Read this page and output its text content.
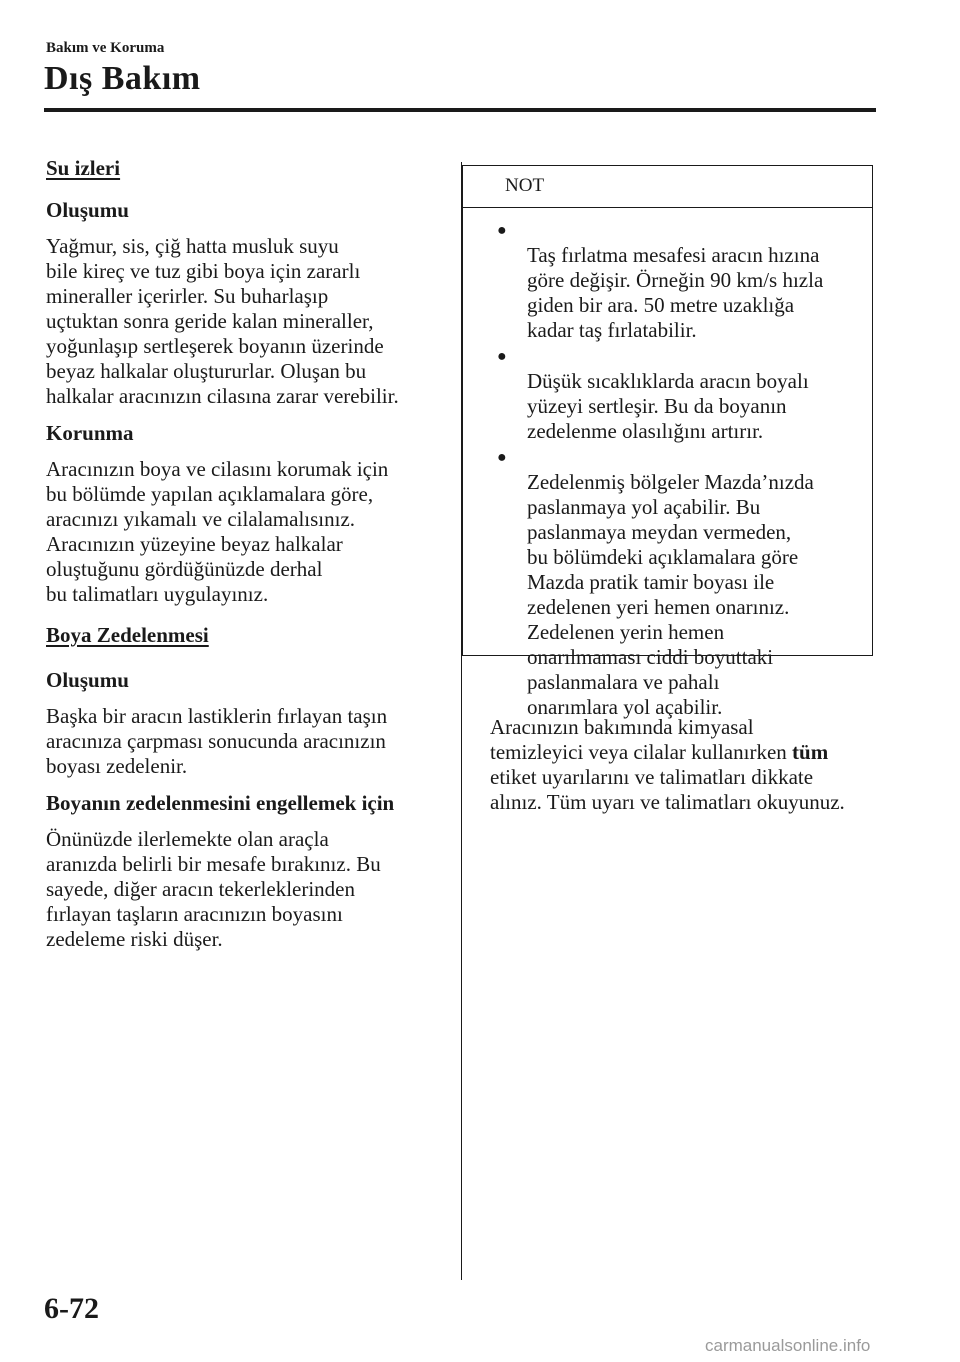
Bakım ve Koruma
Dış Bakım
Su izleri
Oluşumu

Yağmur, sis, çiğ hatta musluk suyu
bile kireç ve tuz gibi boya için zararlı
mineraller içerirler. Su buharlaşıp
uçtuktan sonra geride kalan mineraller,
yoğunlaşıp sertleşerek boyanın üzerinde
beyaz halkalar oluştururlar. Oluşan bu
halkalar aracınızın cilasına zarar verebilir.

Korunma

Aracınızın boya ve cilasını korumak için
bu bölümde yapılan açıklamalara göre,
aracınızı yıkamalı ve cilalamalısınız.
Aracınızın yüzeyine beyaz halkalar
oluştuğunu gördüğünüzde derhal
bu talimatları uygulayınız.

Boya Zedelenmesi
Oluşumu

Başka bir aracın lastiklerin fırlayan taşın
aracınıza çarpması sonucunda aracınızın
boyası zedelenir.

Boyanın zedelenmesini engellemek için

Önünüzde ilerlemekte olan araçla
aranızda belirli bir mesafe bırakınız. Bu
sayede, diğer aracın tekerleklerinden
fırlayan taşların aracınızın boyasını
zedeleme riski düşer.

NOT

●
Taş fırlatma mesafesi aracın hızına
göre değişir. Örneğin 90 km/s hızla
giden bir ara. 50 metre uzaklığa
kadar taş fırlatabilir.

●
Düşük sıcaklıklarda aracın boyalı
yüzeyi sertleşir. Bu da boyanın
zedelenme olasılığını artırır.

●
Zedelenmiş bölgeler Mazda’nızda
paslanmaya yol açabilir. Bu
paslanmaya meydan vermeden,
bu bölümdeki açıklamalara göre
Mazda pratik tamir boyası ile
zedelenen yeri hemen onarınız.
Zedelenen yerin hemen
onarılmaması ciddi boyuttaki
paslanmalara ve pahalı
onarımlara yol açabilir.

Aracınızın bakımında kimyasal
temizleyici veya cilalar kullanırken tüm
etiket uyarılarını ve talimatları dikkate
alınız. Tüm uyarı ve talimatları okuyunuz.

6-72
carmanualsonline.info
